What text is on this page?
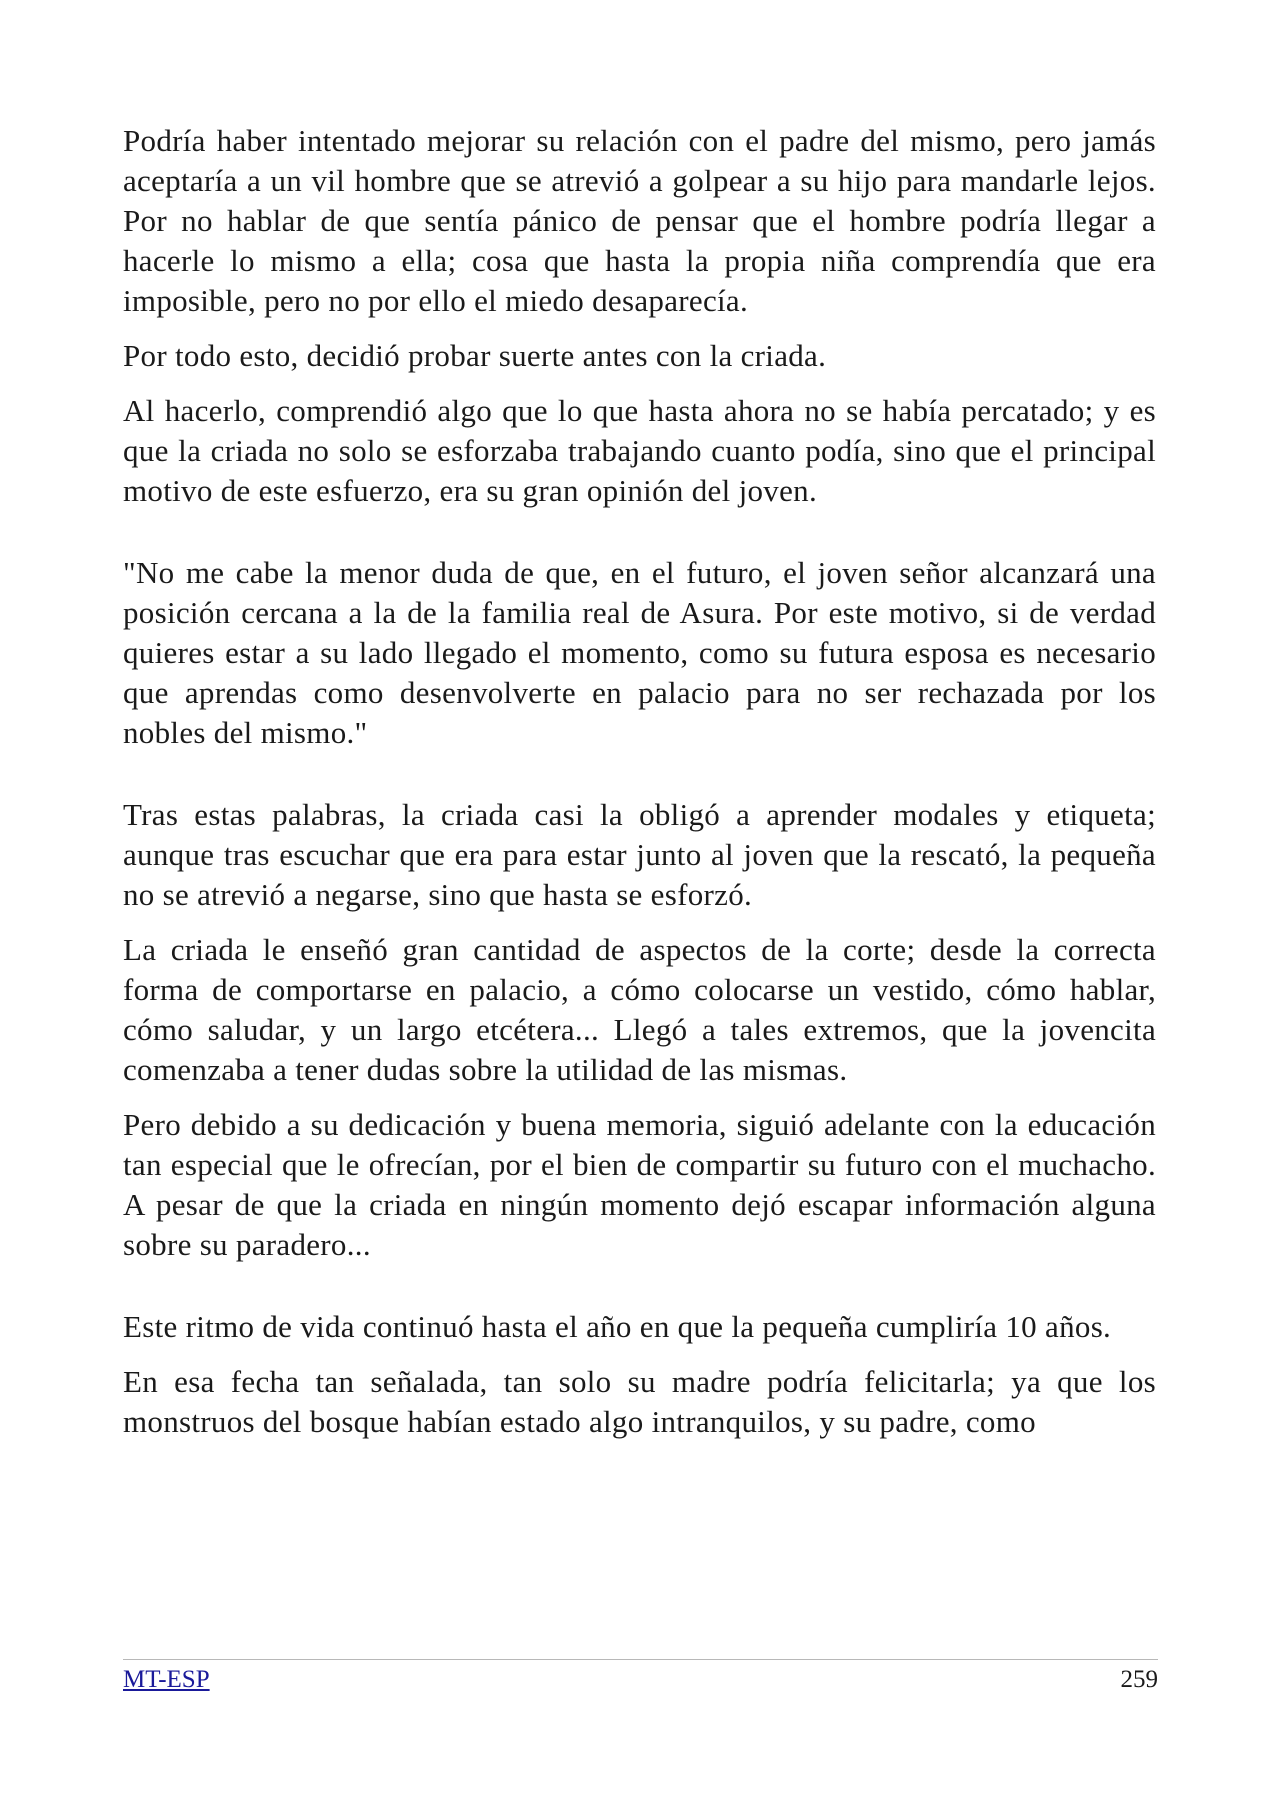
Podría haber intentado mejorar su relación con el padre del mismo, pero jamás aceptaría a un vil hombre que se atrevió a golpear a su hijo para mandarle lejos. Por no hablar de que sentía pánico de pensar que el hombre podría llegar a hacerle lo mismo a ella; cosa que hasta la propia niña comprendía que era imposible, pero no por ello el miedo desaparecía.

Por todo esto, decidió probar suerte antes con la criada.

Al hacerlo, comprendió algo que lo que hasta ahora no se había percatado; y es que la criada no solo se esforzaba trabajando cuanto podía, sino que el principal motivo de este esfuerzo, era su gran opinión del joven.

"No me cabe la menor duda de que, en el futuro, el joven señor alcanzará una posición cercana a la de la familia real de Asura. Por este motivo, si de verdad quieres estar a su lado llegado el momento, como su futura esposa es necesario que aprendas como desenvolverte en palacio para no ser rechazada por los nobles del mismo."

Tras estas palabras, la criada casi la obligó a aprender modales y etiqueta; aunque tras escuchar que era para estar junto al joven que la rescató, la pequeña no se atrevió a negarse, sino que hasta se esforzó.

La criada le enseñó gran cantidad de aspectos de la corte; desde la correcta forma de comportarse en palacio, a cómo colocarse un vestido, cómo hablar, cómo saludar, y un largo etcétera... Llegó a tales extremos, que la jovencita comenzaba a tener dudas sobre la utilidad de las mismas.

Pero debido a su dedicación y buena memoria, siguió adelante con la educación tan especial que le ofrecían, por el bien de compartir su futuro con el muchacho. A pesar de que la criada en ningún momento dejó escapar información alguna sobre su paradero...

Este ritmo de vida continuó hasta el año en que la pequeña cumpliría 10 años.

En esa fecha tan señalada, tan solo su madre podría felicitarla; ya que los monstruos del bosque habían estado algo intranquilos, y su padre, como

MT-ESP	259
